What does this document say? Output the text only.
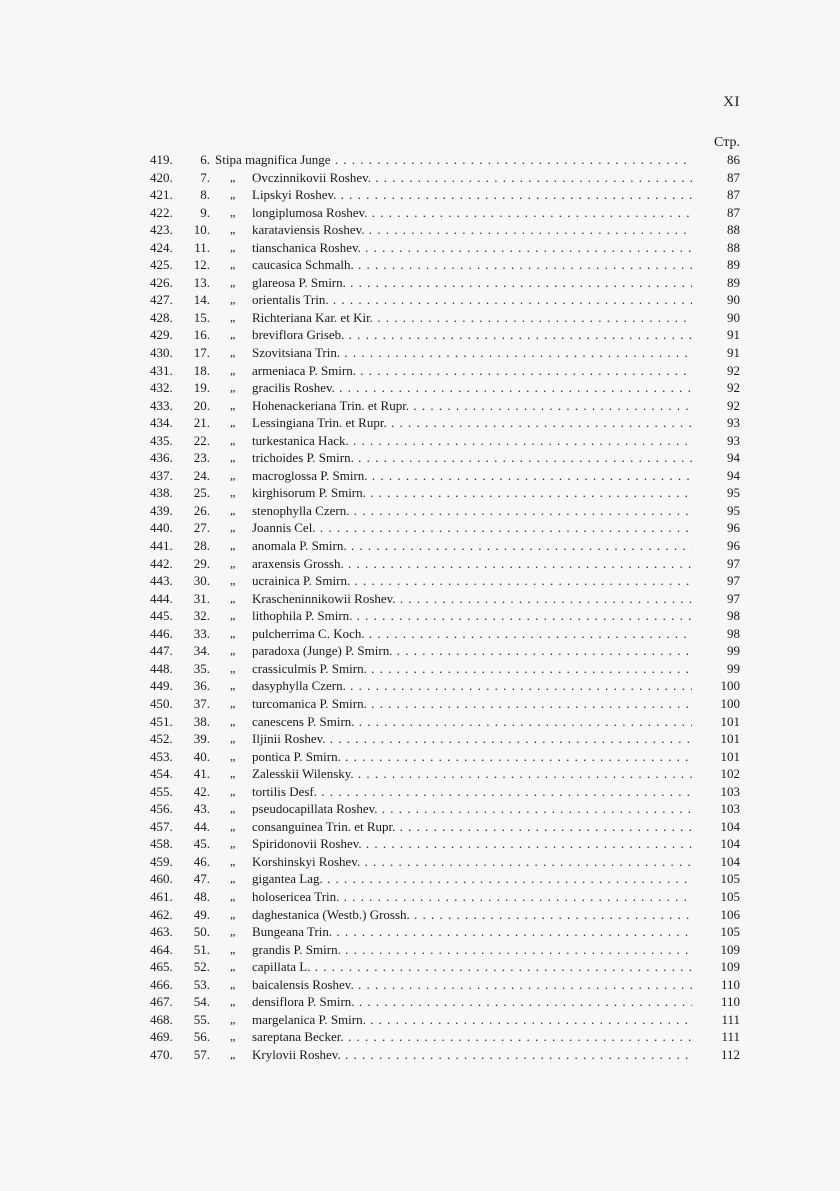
XI
Стр.
419.	6. Stipa magnifica Junge . . .	86
420.	7. „ Ovczinnikovii Roshev. . . .	87
421.	8. „ Lipskyi Roshev. . . .	87
422.	9. „ longiplumosa Roshev. . . .	87
423.	10. „ karataviensis Roshev. . . .	88
424.	11. „ tianschanica Roshev. . . .	88
425.	12. „ caucasica Schmalh. . . .	89
426.	13. „ glareosa P. Smirn. . . .	89
427.	14. „ orientalis Trin. . . .	90
428.	15. „ Richteriana Kar. et Kir. . . .	90
429.	16. „ breviflora Griseb. . . .	91
430.	17. „ Szovitsiana Trin. . . .	91
431.	18. „ armeniaca P. Smirn. . . .	92
432.	19. „ gracilis Roshev. . . .	92
433.	20. „ Hohenackeriana Trin. et Rupr. . . .	92
434.	21. „ Lessingiana Trin. et Rupr. . . .	93
435.	22. „ turkestanica Hack. . . .	93
436.	23. „ trichoides P. Smirn. . . .	94
437.	24. „ macroglossa P. Smirn. . . .	94
438.	25. „ kirghisorum P. Smirn. . . .	95
439.	26. „ stenophylla Czern. . . .	95
440.	27. „ Joannis Cel. . . .	96
441.	28. „ anomala P. Smirn. . . .	96
442.	29. „ araxensis Grossh. . . .	97
443.	30. „ ucrainica P. Smirn. . . .	97
444.	31. „ Krascheninnikowii Roshev. . . .	97
445.	32. „ lithophila P. Smirn. . . .	98
446.	33. „ pulcherrima C. Koch. . . .	98
447.	34. „ paradoxa (Junge) P. Smirn. . . .	99
448.	35. „ crassiculmis P. Smirn. . . .	99
449.	36. „ dasyphylla Czern. . . .	100
450.	37. „ turcomanica P. Smirn. . . .	100
451.	38. „ canescens P. Smirn. . . .	101
452.	39. „ Iljinii Roshev. . . .	101
453.	40. „ pontica P. Smirn. . . .	101
454.	41. „ Zalesskii Wilensky. . . .	102
455.	42. „ tortilis Desf. . . .	103
456.	43. „ pseudocapillata Roshev. . . .	103
457.	44. „ consanguinea Trin. et Rupr. . . .	104
458.	45. „ Spiridonovii Roshev. . . .	104
459.	46. „ Korshinskyi Roshev. . . .	104
460.	47. „ gigantea Lag. . . .	105
461.	48. „ holosericea Trin. . . .	105
462.	49. „ daghestanica (Westb.) Grossh. . . .	106
463.	50. „ Bungeana Trin. . . .	105
464.	51. „ grandis P. Smirn. . . .	109
465.	52. „ capillata L. . . .	109
466.	53. „ baicalensis Roshev. . . .	110
467.	54. „ densiflora P. Smirn. . . .	110
468.	55. „ margelanica P. Smirn. . . .	111
469.	56. „ sareptana Becker. . . .	111
470.	57. „ Krylovii Roshev. . . .	112
